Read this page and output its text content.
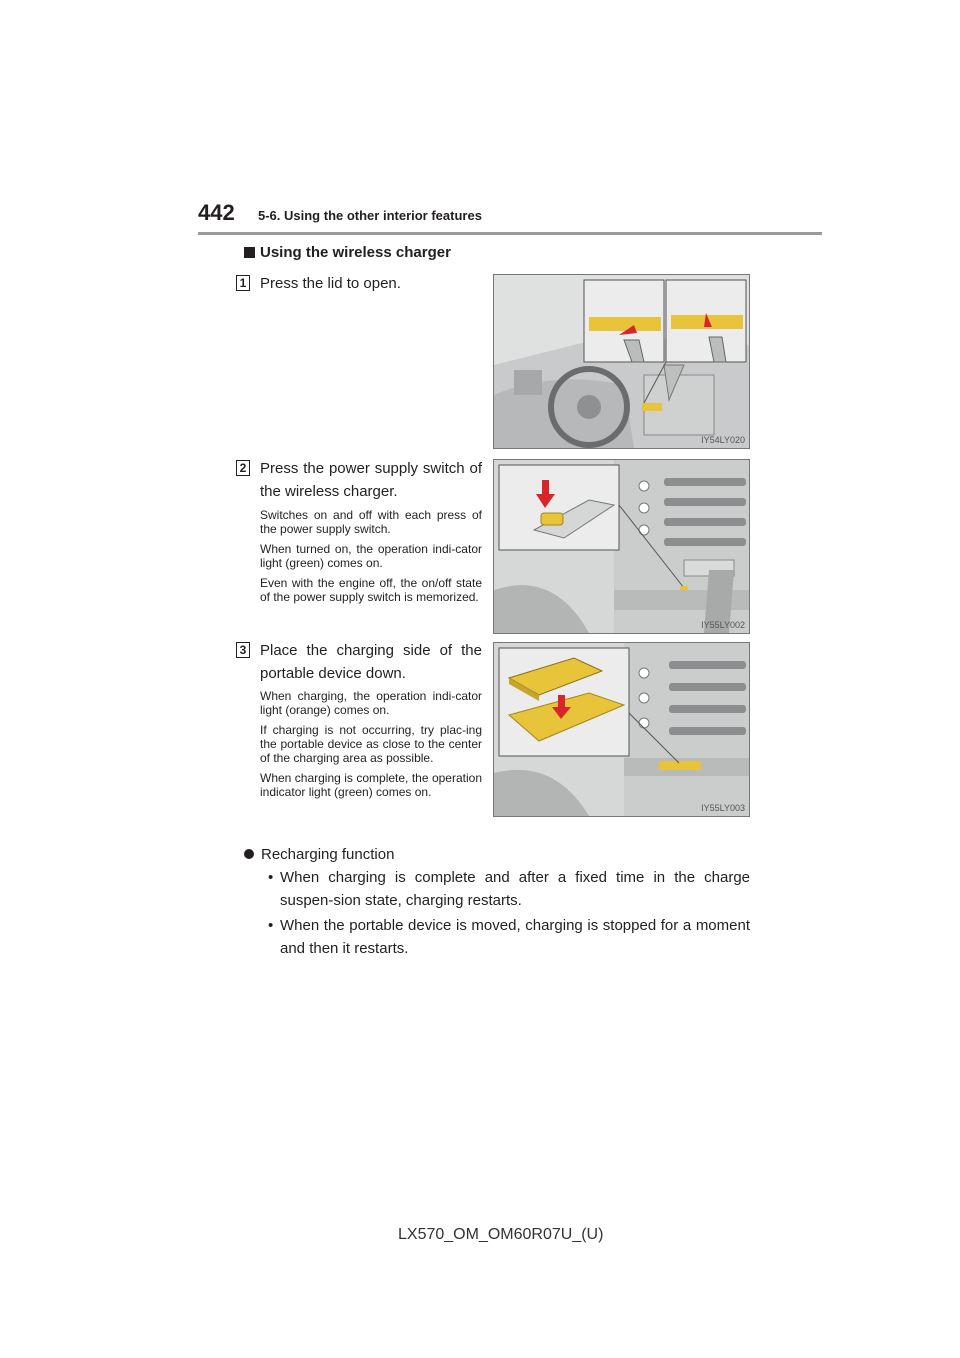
442 5-6. Using the other interior features
Using the wireless charger
1 Press the lid to open.
IY54LY020
2 Press the power supply switch of the wireless charger.

Switches on and off with each press of the power supply switch.

When turned on, the operation indi-cator light (green) comes on.

Even with the engine off, the on/off state of the power supply switch is memorized.

IY55LY002
3 Place the charging side of the portable device down.

When charging, the operation indi-cator light (orange) comes on.

If charging is not occurring, try plac-ing the portable device as close to the center of the charging area as possible.

When charging is complete, the operation indicator light (green) comes on.

IY55LY003
Recharging function
• When charging is complete and after a fixed time in the charge suspen-sion state, charging restarts.
• When the portable device is moved, charging is stopped for a moment and then it restarts.
LX570_OM_OM60R07U_(U)
